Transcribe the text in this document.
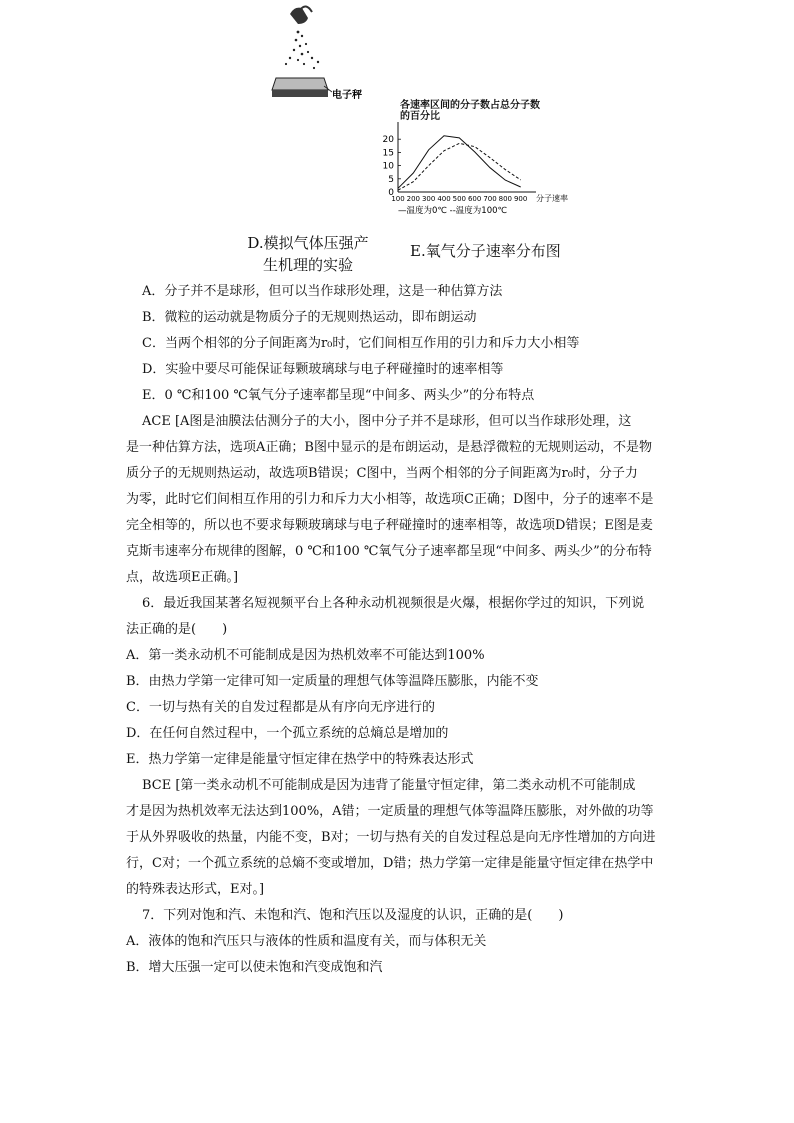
电子秤
D.模拟气体压强产
生机理的实验
各速率区间的分子数占总分子数
的百分比
0
5
10
15
20
100 200 300 400 500 600 700 800 900 分子速率
—温度为0℃ --温度为100℃
E.氧气分子速率分布图
A．分子并不是球形，但可以当作球形处理，这是一种估算方法
B．微粒的运动就是物质分子的无规则热运动，即布朗运动
C．当两个相邻的分子间距离为r₀时，它们间相互作用的引力和斥力大小相等
D．实验中要尽可能保证每颗玻璃球与电子秤碰撞时的速率相等
E．0 ℃和100 ℃氧气分子速率都呈现“中间多、两头少”的分布特点
ACE [A图是油膜法估测分子的大小，图中分子并不是球形，但可以当作球形处理，这
是一种估算方法，选项A正确；B图中显示的是布朗运动，是悬浮微粒的无规则运动，不是物
质分子的无规则热运动，故选项B错误；C图中，当两个相邻的分子间距离为r₀时，分子力
为零，此时它们间相互作用的引力和斥力大小相等，故选项C正确；D图中，分子的速率不是
完全相等的，所以也不要求每颗玻璃球与电子秤碰撞时的速率相等，故选项D错误；E图是麦
克斯韦速率分布规律的图解，0 ℃和100 ℃氧气分子速率都呈现“中间多、两头少”的分布特
点，故选项E正确。]
6．最近我国某著名短视频平台上各种永动机视频很是火爆，根据你学过的知识，下列说
法正确的是(　　)
A．第一类永动机不可能制成是因为热机效率不可能达到100%
B．由热力学第一定律可知一定质量的理想气体等温降压膨胀，内能不变
C．一切与热有关的自发过程都是从有序向无序进行的
D．在任何自然过程中，一个孤立系统的总熵总是增加的
E．热力学第一定律是能量守恒定律在热学中的特殊表达形式
BCE [第一类永动机不可能制成是因为违背了能量守恒定律，第二类永动机不可能制成
才是因为热机效率无法达到100%，A错；一定质量的理想气体等温降压膨胀，对外做的功等
于从外界吸收的热量，内能不变，B对；一切与热有关的自发过程总是向无序性增加的方向进
行，C对；一个孤立系统的总熵不变或增加，D错；热力学第一定律是能量守恒定律在热学中
的特殊表达形式，E对。]
7．下列对饱和汽、未饱和汽、饱和汽压以及湿度的认识，正确的是(　　)
A．液体的饱和汽压只与液体的性质和温度有关，而与体积无关
B．增大压强一定可以使未饱和汽变成饱和汽
